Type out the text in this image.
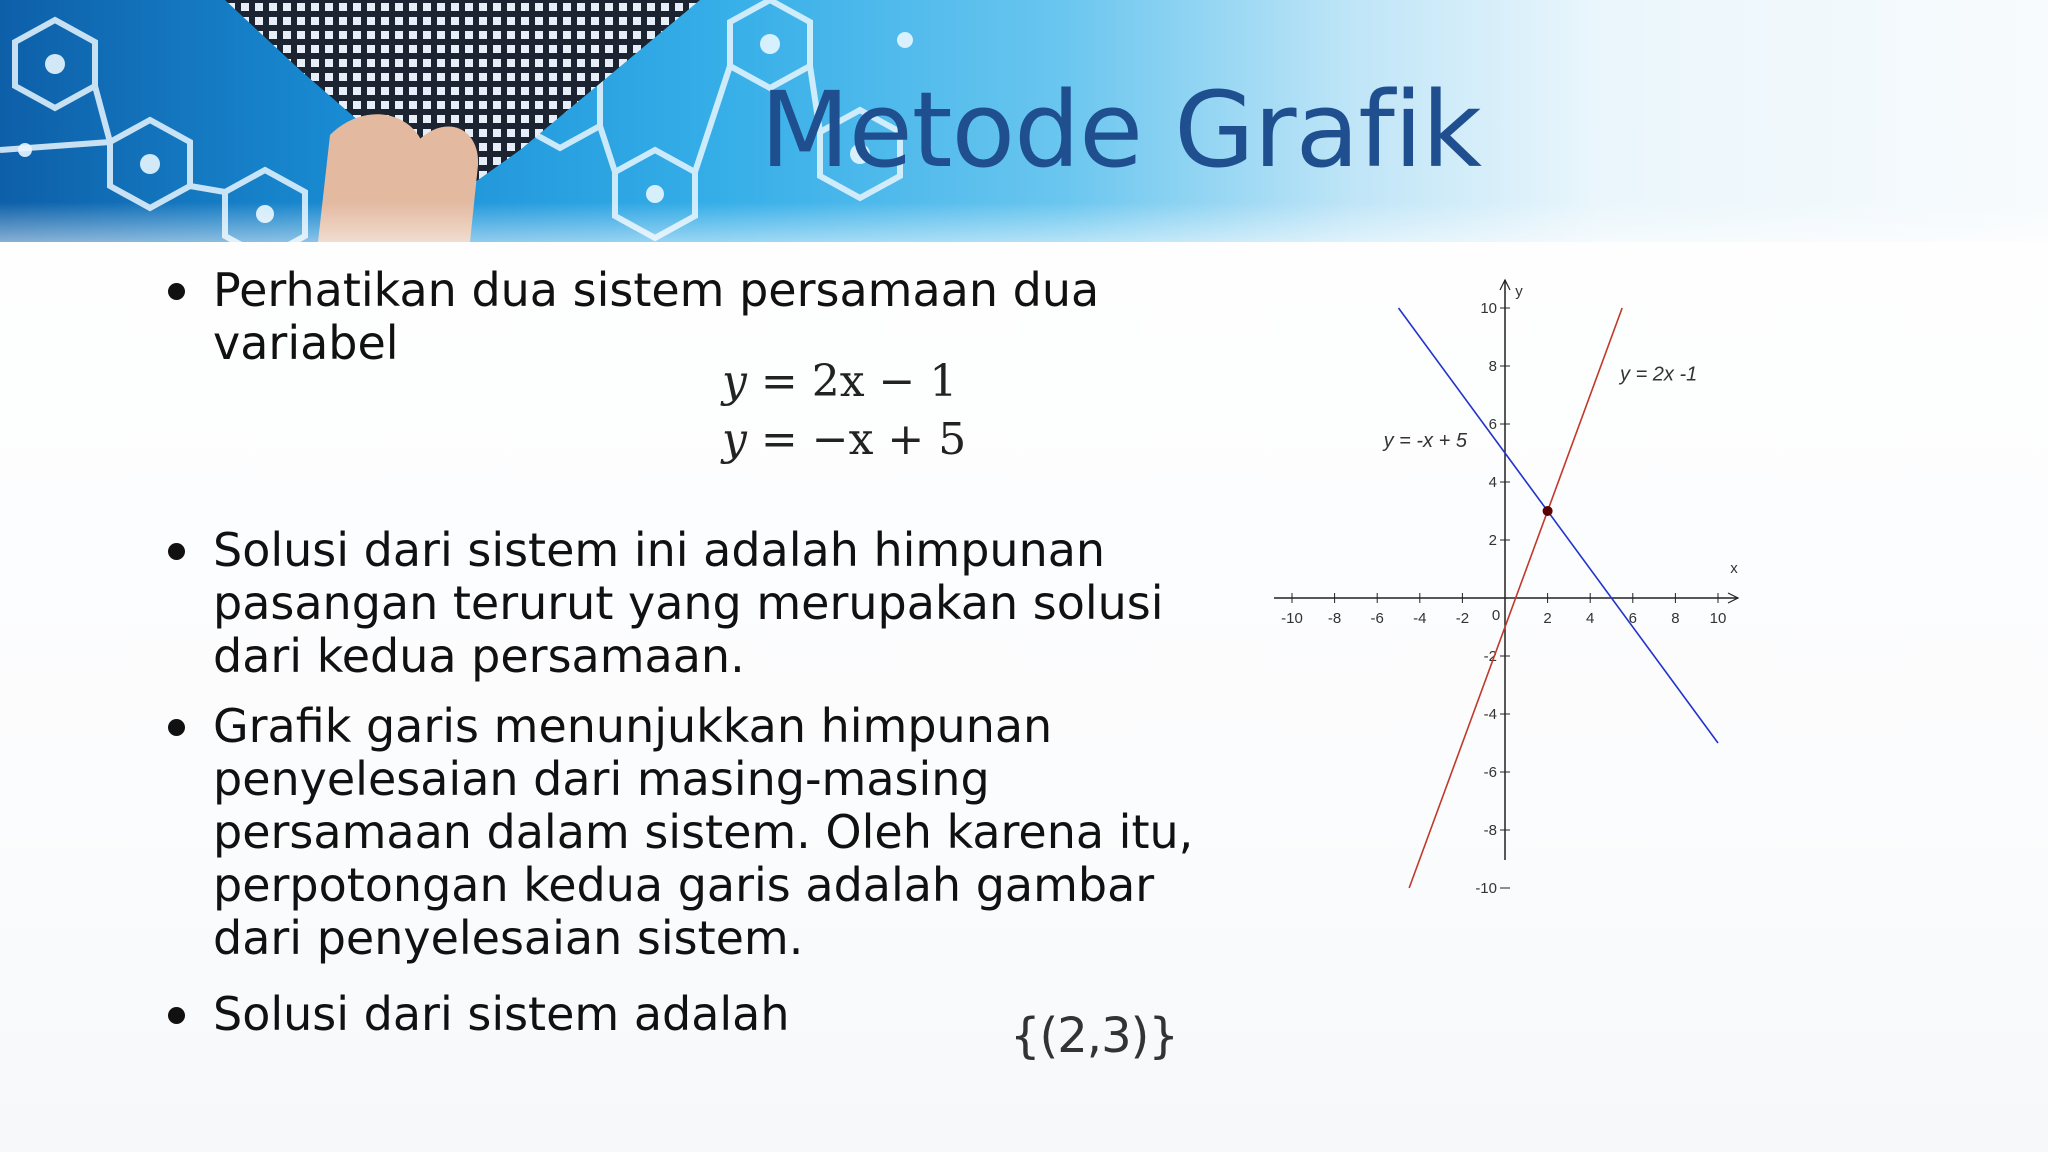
Metode Grafik
Perhatikan dua sistem persamaan dua variabel
y = 2x − 1
y = −x + 5
Solusi dari sistem ini adalah himpunan pasangan terurut yang merupakan solusi dari kedua persamaan.
Grafik garis menunjukkan himpunan penyelesaian dari masing-masing persamaan dalam sistem. Oleh karena itu, perpotongan kedua garis adalah gambar dari penyelesaian sistem.
Solusi dari sistem adalah	{(2,3)}
-10 -8 -6 -4 -2	2 4 6 8 10
-10
-8
-6
-4
-2
2
4
6
8
10
0
x
y
y = 2x -1
y = -x + 5
